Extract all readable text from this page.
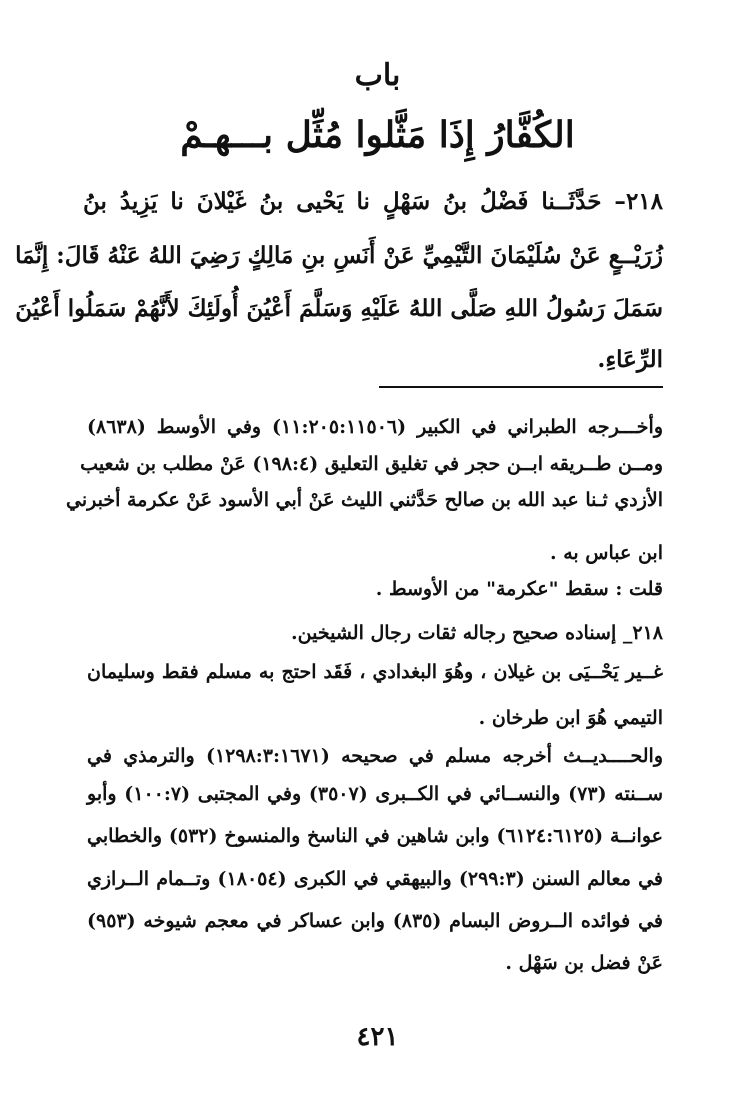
باب
الكُفَّارُ إِذَا مَثَّلوا مُثِّل بـــهـمْ
٢١٨– حَدَّثَــنا فَضْلُ بنُ سَهْلٍ نا يَحْيى بنُ غَيْلانَ نا يَزِيدُ بنُ
زُرَيْــعٍ عَنْ سُلَيْمَانَ التَّيْمِيِّ عَنْ أَنَسِ بنِ مَالِكٍ رَضِيَ اللهُ عَنْهُ قَالَ: إِنَّمَا
سَمَلَ رَسُولُ اللهِ صَلَّى اللهُ عَلَيْهِ وَسَلَّمَ أَعْيُنَ أُولَئِكَ لأَنَّهُمْ سَمَلُوا أَعْيُنَ
الرِّعَاءِ.
وأخـــرجه الطبراني في الكبير (١١:٢٠٥:١١٥٠٦) وفي الأوسط (٨٦٣٨)
ومــن طــريقه ابــن حجر في تغليق التعليق (١٩٨:٤) عَنْ مطلب بن شعيب
الأزدي ثـنا عبد الله بن صالح حَدَّثني الليث عَنْ أبي الأسود عَنْ عكرمة أخبرني
ابن عباس به .
قلت : سقط "عكرمة" من الأوسط .
٢١٨_ إسناده صحيح رجاله ثقات رجال الشيخين.
غــير يَحْــيَى بن غيلان ، وهُوَ البغدادي ، فَقَد احتج به مسلم فقط وسليمان
التيمي هُوَ ابن طرخان .
والحــــديــث أخرجه مسلم في صحيحه (١٢٩٨:٣:١٦٧١) والترمذي في
ســنته (٧٣) والنســائي في الكــبرى (٣٥٠٧) وفي المجتبى (١٠٠:٧) وأبو
عوانــة (٦١٢٤:٦١٢٥) وابن شاهين في الناسخ والمنسوخ (٥٣٢) والخطابي
في معالم السنن (٢٩٩:٣) والبيهقي في الكبرى (١٨٠٥٤) وتــمام الــرازي
في فوائده الــروض البسام (٨٣٥) وابن عساكر في معجم شيوخه (٩٥٣)
عَنْ فضل بن سَهْل .
٤٢١
